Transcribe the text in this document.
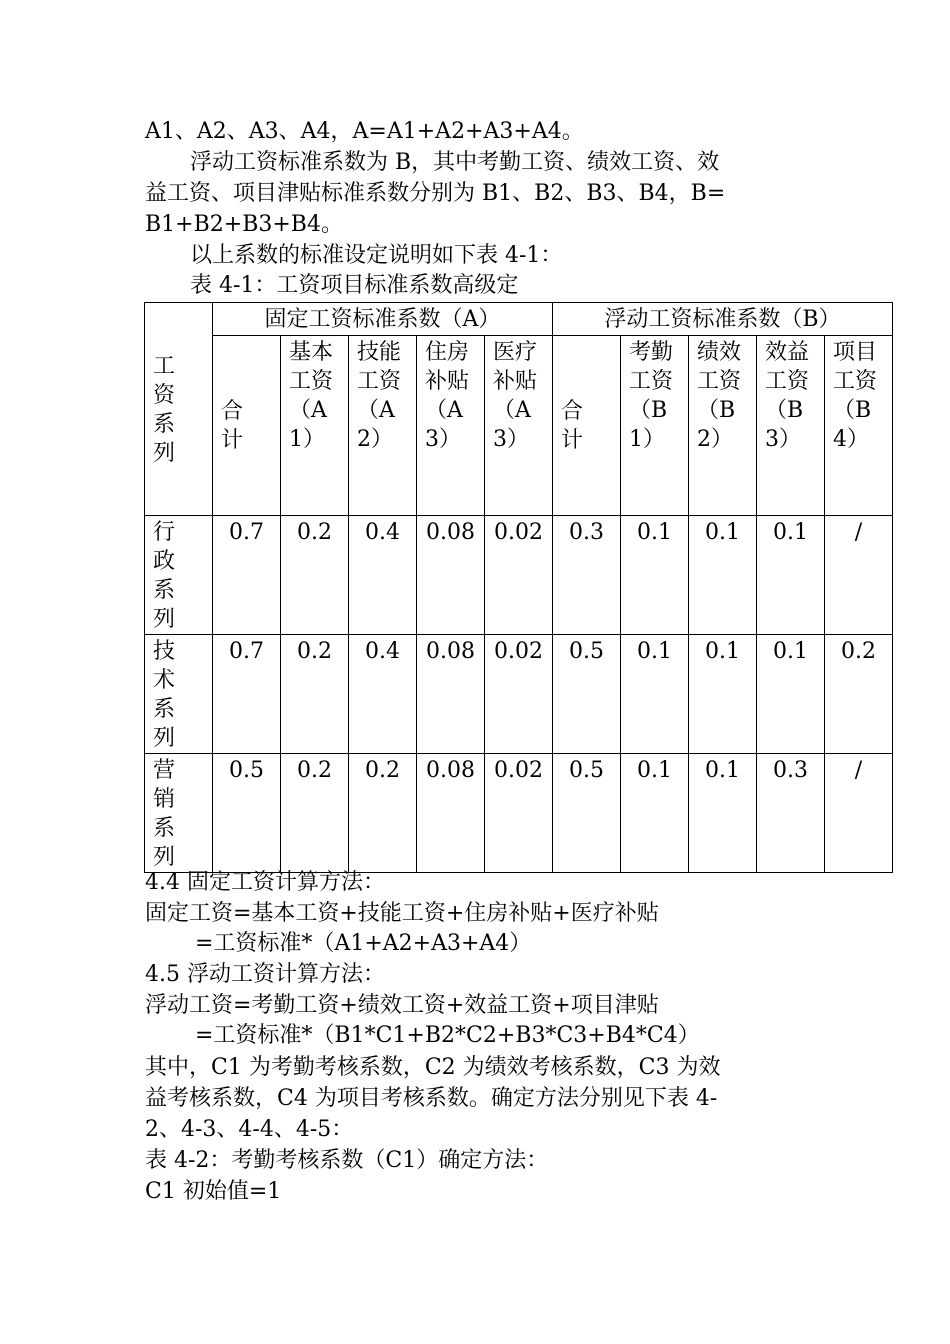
A1、A2、A3、A4，A=A1+A2+A3+A4。
浮动工资标准系数为 B，其中考勤工资、绩效工资、效
益工资、项目津贴标准系数分别为 B1、B2、B3、B4，B=
B1+B2+B3+B4。
以上系数的标准设定说明如下表 4-1：
表 4-1：工资项目标准系数高级定
工资系列	固定工资标准系数（A）					浮动工资标准系数（B）				

	合计	基本工资（A1）	技能工资（A2）	住房补贴（A3）	医疗补贴（A3）	合计	考勤工资（B1）	绩效工资（B2）	效益工资（B3）	项目工资（B4）

行政系列	0.7	0.2	0.4	0.08	0.02	0.3	0.1	0.1	0.1	/

技术系列	0.7	0.2	0.4	0.08	0.02	0.5	0.1	0.1	0.1	0.2

营销系列	0.5	0.2	0.2	0.08	0.02	0.5	0.1	0.1	0.3	/
4.4 固定工资计算方法：
固定工资=基本工资+技能工资+住房补贴+医疗补贴
=工资标准*（A1+A2+A3+A4）
4.5 浮动工资计算方法：
浮动工资=考勤工资+绩效工资+效益工资+项目津贴
=工资标准*（B1*C1+B2*C2+B3*C3+B4*C4）
其中，C1 为考勤考核系数，C2 为绩效考核系数，C3 为效
益考核系数，C4 为项目考核系数。确定方法分别见下表 4-
2、4-3、4-4、4-5：
表 4-2：考勤考核系数（C1）确定方法：
C1 初始值=1
